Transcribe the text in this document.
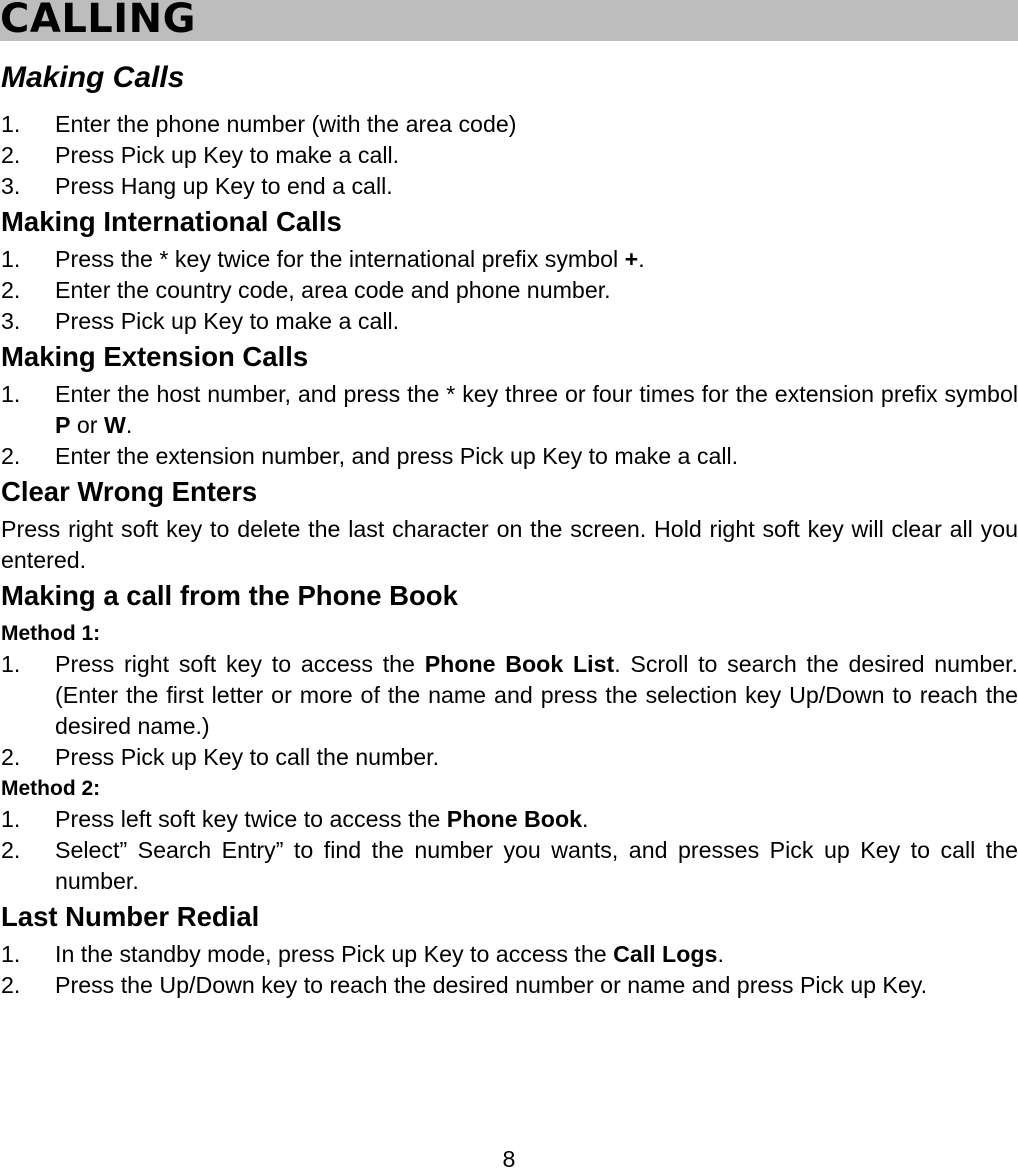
CALLING
Making Calls
1. Enter the phone number (with the area code)
2. Press Pick up Key to make a call.
3. Press Hang up Key to end a call.
Making International Calls
1. Press the * key twice for the international prefix symbol +.
2. Enter the country code, area code and phone number.
3. Press Pick up Key to make a call.
Making Extension Calls
1. Enter the host number, and press the * key three or four times for the extension prefix symbol P or W.
2. Enter the extension number, and press Pick up Key to make a call.
Clear Wrong Enters

Press right soft key to delete the last character on the screen. Hold right soft key will clear all you entered.

Making a call from the Phone Book
Method 1:
1. Press right soft key to access the Phone Book List. Scroll to search the desired number. (Enter the first letter or more of the name and press the selection key Up/Down to reach the desired name.)
2. Press Pick up Key to call the number.
Method 2:
1. Press left soft key twice to access the Phone Book.
2. Select” Search Entry” to find the number you wants, and presses Pick up Key to call the number.
Last Number Redial
1. In the standby mode, press Pick up Key to access the Call Logs.
2. Press the Up/Down key to reach the desired number or name and press Pick up Key.
8
